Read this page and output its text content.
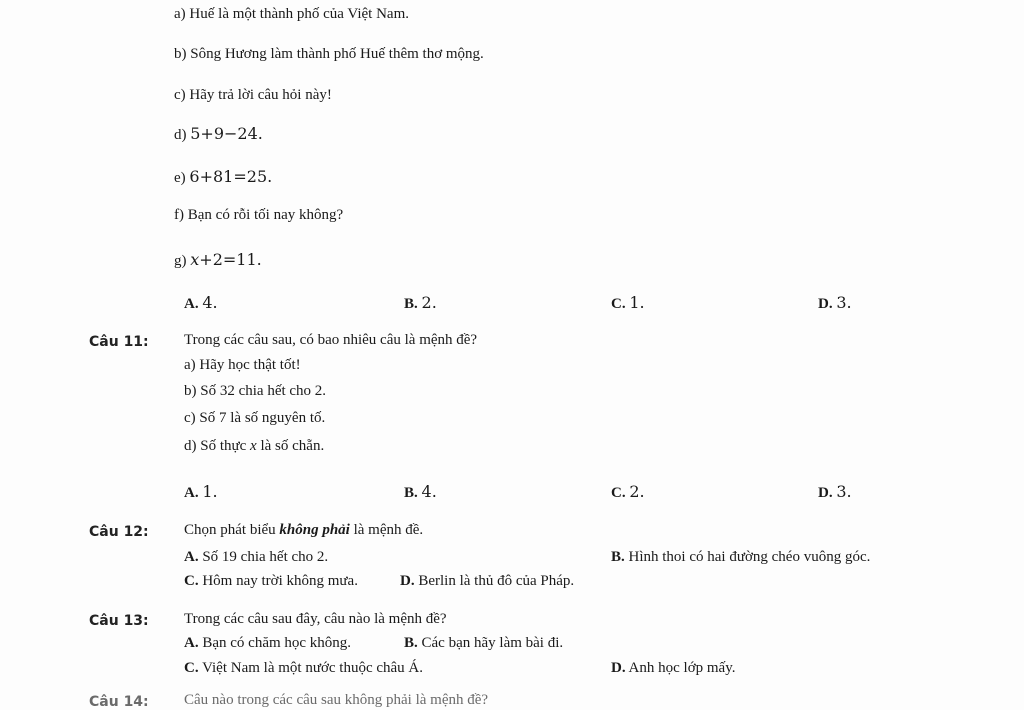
a) Huế là một thành phố của Việt Nam.
b) Sông Hương làm thành phố Huế thêm thơ mộng.
c) Hãy trả lời câu hỏi này!
d) 5+9−24.
e) 6+81=25.
f) Bạn có rỗi tối nay không?
g) x+2=11.
A. 4.	B. 2.	C. 1.	D. 3.
Câu 11: Trong các câu sau, có bao nhiêu câu là mệnh đề?
a) Hãy học thật tốt!
b) Số 32 chia hết cho 2.
c) Số 7 là số nguyên tố.
d) Số thực x là số chẵn.
A. 1.	B. 4.	C. 2.	D. 3.
Câu 12: Chọn phát biểu không phải là mệnh đề.
A. Số 19 chia hết cho 2.	B. Hình thoi có hai đường chéo vuông góc.
C. Hôm nay trời không mưa.	D. Berlin là thủ đô của Pháp.
Câu 13: Trong các câu sau đây, câu nào là mệnh đề?
A. Bạn có chăm học không.	B. Các bạn hãy làm bài đi.
C. Việt Nam là một nước thuộc châu Á.	D. Anh học lớp mấy.
Câu 14: Câu nào trong các câu sau không phải là mệnh đề?
